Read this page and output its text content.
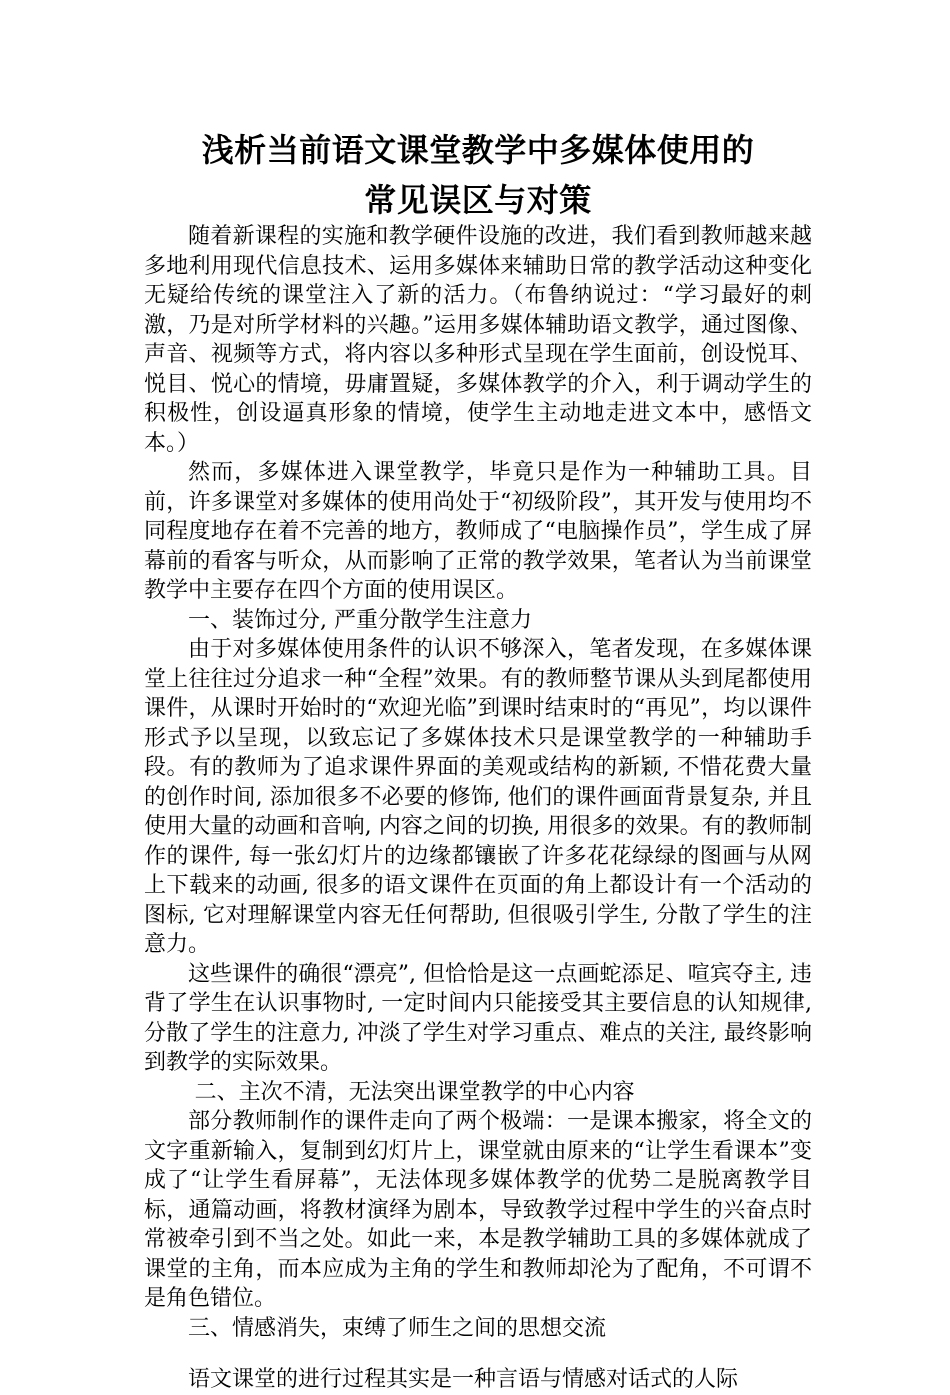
浅析当前语文课堂教学中多媒体使用的
常见误区与对策

随着新课程的实施和教学硬件设施的改进，我们看到教师越来越多地利用现代信息技术、运用多媒体来辅助日常的教学活动这种变化无疑给传统的课堂注入了新的活力。（布鲁纳说过：“学习最好的刺激，乃是对所学材料的兴趣。”运用多媒体辅助语文教学，通过图像、声音、视频等方式，将内容以多种形式呈现在学生面前，创设悦耳、悦目、悦心的情境，毋庸置疑，多媒体教学的介入，利于调动学生的积极性，创设逼真形象的情境，使学生主动地走进文本中，感悟文本。）

然而，多媒体进入课堂教学，毕竟只是作为一种辅助工具。目前，许多课堂对多媒体的使用尚处于“初级阶段”，其开发与使用均不同程度地存在着不完善的地方，教师成了“电脑操作员”，学生成了屏幕前的看客与听众，从而影响了正常的教学效果，笔者认为当前课堂教学中主要存在四个方面的使用误区。

一、装饰过分, 严重分散学生注意力

由于对多媒体使用条件的认识不够深入，笔者发现，在多媒体课堂上往往过分追求一种“全程”效果。有的教师整节课从头到尾都使用课件，从课时开始时的“欢迎光临”到课时结束时的“再见”，均以课件形式予以呈现，以致忘记了多媒体技术只是课堂教学的一种辅助手段。有的教师为了追求课件界面的美观或结构的新颖, 不惜花费大量的创作时间, 添加很多不必要的修饰, 他们的课件画面背景复杂, 并且使用大量的动画和音响, 内容之间的切换, 用很多的效果。有的教师制作的课件, 每一张幻灯片的边缘都镶嵌了许多花花绿绿的图画与从网上下载来的动画, 很多的语文课件在页面的角上都设计有一个活动的图标, 它对理解课堂内容无任何帮助, 但很吸引学生, 分散了学生的注意力。

这些课件的确很“漂亮”, 但恰恰是这一点画蛇添足、喧宾夺主, 违背了学生在认识事物时, 一定时间内只能接受其主要信息的认知规律, 分散了学生的注意力, 冲淡了学生对学习重点、难点的关注, 最终影响到教学的实际效果。

二、主次不清，无法突出课堂教学的中心内容

部分教师制作的课件走向了两个极端：一是课本搬家，将全文的文字重新输入，复制到幻灯片上，课堂就由原来的“让学生看课本”变成了“让学生看屏幕”，无法体现多媒体教学的优势二是脱离教学目标，通篇动画，将教材演绎为剧本，导致教学过程中学生的兴奋点时常被牵引到不当之处。如此一来，本是教学辅助工具的多媒体就成了课堂的主角，而本应成为主角的学生和教师却沦为了配角，不可谓不是角色错位。

三、情感消失，束缚了师生之间的思想交流

语文课堂的进行过程其实是一种言语与情感对话式的人际
